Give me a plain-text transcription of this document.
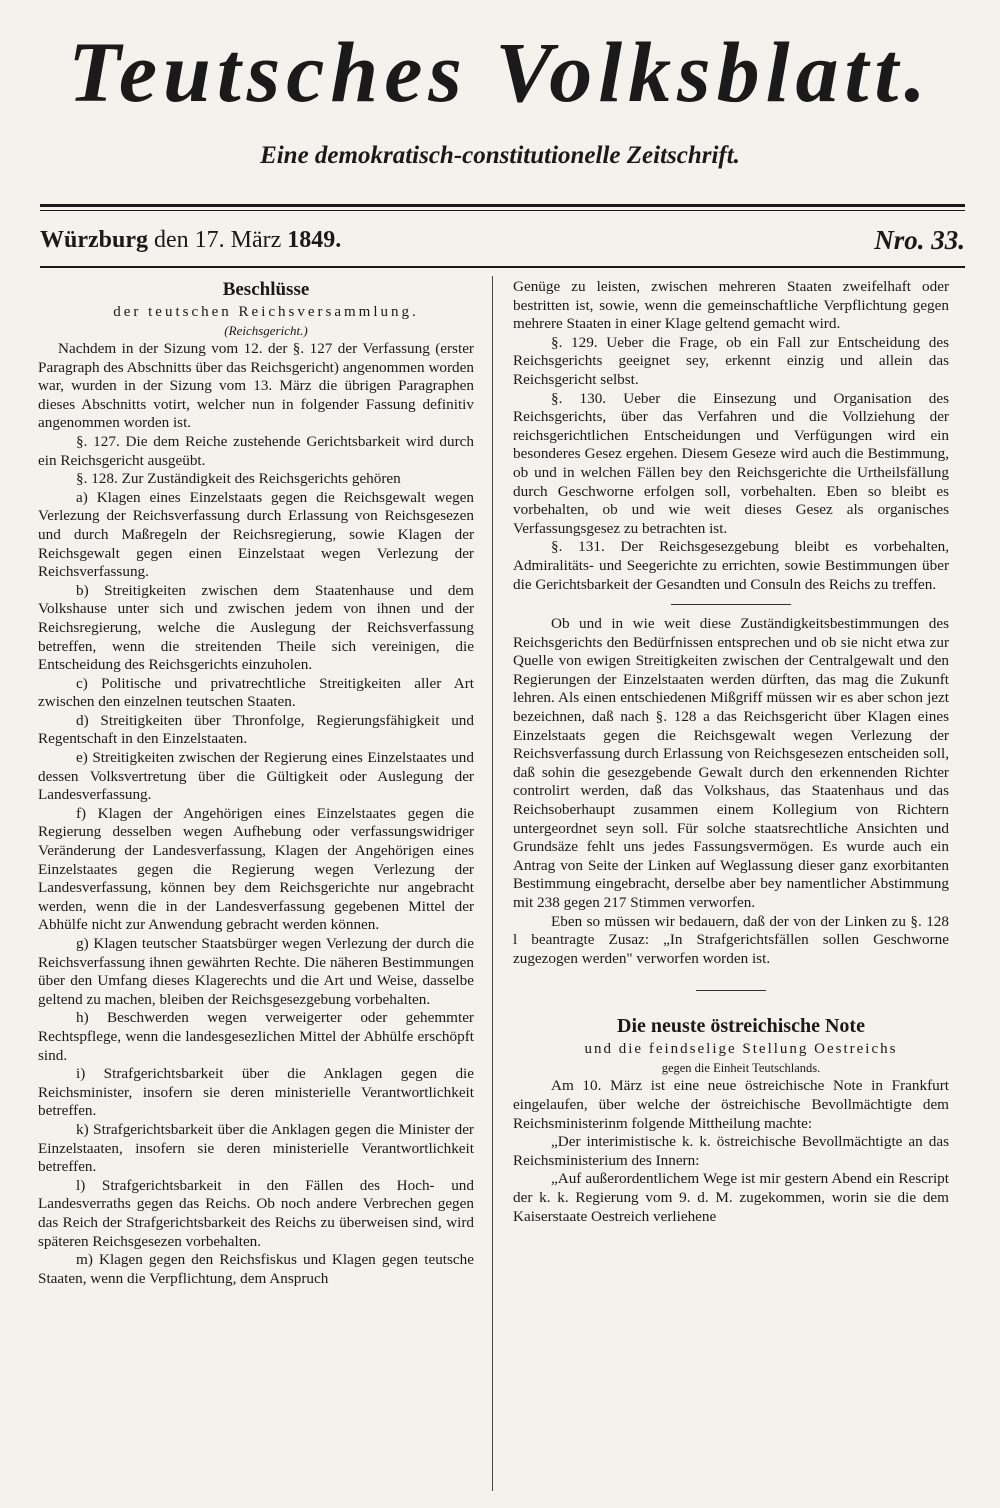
Teutsches Volksblatt.
Eine demokratisch-constitutionelle Zeitschrift.
Würzburg den 17. März 1849.	Nro. 33.

Beschlüsse

der teutschen Reichsversammlung.

(Reichsgericht.)

Nachdem in der Sizung vom 12. der §. 127 der Verfassung (erster Paragraph des Abschnitts über das Reichsgericht) angenommen worden war, wurden in der Sizung vom 13. März die übrigen Paragraphen dieses Abschnitts votirt, welcher nun in folgender Fassung definitiv angenommen worden ist.

§. 127. Die dem Reiche zustehende Gerichtsbarkeit wird durch ein Reichsgericht ausgeübt.

§. 128. Zur Zuständigkeit des Reichsgerichts gehören

a) Klagen eines Einzelstaats gegen die Reichsgewalt wegen Verlezung der Reichsverfassung durch Erlassung von Reichsgesezen und durch Maßregeln der Reichsregierung, sowie Klagen der Reichsgewalt gegen einen Einzelstaat wegen Verlezung der Reichsverfassung.

b) Streitigkeiten zwischen dem Staatenhause und dem Volkshause unter sich und zwischen jedem von ihnen und der Reichsregierung, welche die Auslegung der Reichsverfassung betreffen, wenn die streitenden Theile sich vereinigen, die Entscheidung des Reichsgerichts einzuholen.

c) Politische und privatrechtliche Streitigkeiten aller Art zwischen den einzelnen teutschen Staaten.

d) Streitigkeiten über Thronfolge, Regierungsfähigkeit und Regentschaft in den Einzelstaaten.

e) Streitigkeiten zwischen der Regierung eines Einzelstaates und dessen Volksvertretung über die Gültigkeit oder Auslegung der Landesverfassung.

f) Klagen der Angehörigen eines Einzelstaates gegen die Regierung desselben wegen Aufhebung oder verfassungswidriger Veränderung der Landesverfassung, Klagen der Angehörigen eines Einzelstaates gegen die Regierung wegen Verlezung der Landesverfassung, können bey dem Reichsgerichte nur angebracht werden, wenn die in der Landesverfassung gegebenen Mittel der Abhülfe nicht zur Anwendung gebracht werden können.

g) Klagen teutscher Staatsbürger wegen Verlezung der durch die Reichsverfassung ihnen gewährten Rechte. Die näheren Bestimmungen über den Umfang dieses Klagerechts und die Art und Weise, dasselbe geltend zu machen, bleiben der Reichsgesezgebung vorbehalten.

h) Beschwerden wegen verweigerter oder gehemmter Rechtspflege, wenn die landesgesezlichen Mittel der Abhülfe erschöpft sind.

i) Strafgerichtsbarkeit über die Anklagen gegen die Reichsminister, insofern sie deren ministerielle Verantwortlichkeit betreffen.

k) Strafgerichtsbarkeit über die Anklagen gegen die Minister der Einzelstaaten, insofern sie deren ministerielle Verantwortlichkeit betreffen.

l) Strafgerichtsbarkeit in den Fällen des Hoch- und Landesverraths gegen das Reichs. Ob noch andere Verbrechen gegen das Reich der Strafgerichtsbarkeit des Reichs zu überweisen sind, wird späteren Reichsgesezen vorbehalten.

m) Klagen gegen den Reichsfiskus und Klagen gegen teutsche Staaten, wenn die Verpflichtung, dem Anspruch

Genüge zu leisten, zwischen mehreren Staaten zweifelhaft oder bestritten ist, sowie, wenn die gemeinschaftliche Verpflichtung gegen mehrere Staaten in einer Klage geltend gemacht wird.

§. 129. Ueber die Frage, ob ein Fall zur Entscheidung des Reichsgerichts geeignet sey, erkennt einzig und allein das Reichsgericht selbst.

§. 130. Ueber die Einsezung und Organisation des Reichsgerichts, über das Verfahren und die Vollziehung der reichsgerichtlichen Entscheidungen und Verfügungen wird ein besonderes Gesez ergehen. Diesem Geseze wird auch die Bestimmung, ob und in welchen Fällen bey den Reichsgerichte die Urtheilsfällung durch Geschworne erfolgen soll, vorbehalten. Eben so bleibt es vorbehalten, ob und wie weit dieses Gesez als organisches Verfassungsgesez zu betrachten ist.

§. 131. Der Reichsgesezgebung bleibt es vorbehalten, Admiralitäts- und Seegerichte zu errichten, sowie Bestimmungen über die Gerichtsbarkeit der Gesandten und Consuln des Reichs zu treffen.

Ob und in wie weit diese Zuständigkeitsbestimmungen des Reichsgerichts den Bedürfnissen entsprechen und ob sie nicht etwa zur Quelle von ewigen Streitigkeiten zwischen der Centralgewalt und den Regierungen der Einzelstaaten werden dürften, das mag die Zukunft lehren. Als einen entschiedenen Mißgriff müssen wir es aber schon jezt bezeichnen, daß nach §. 128 a das Reichsgericht über Klagen eines Einzelstaats gegen die Reichsgewalt wegen Verlezung der Reichsverfassung durch Erlassung von Reichsgesezen entscheiden soll, daß sohin die gesezgebende Gewalt durch den erkennenden Richter controlirt werden, daß das Volkshaus, das Staatenhaus und das Reichsoberhaupt zusammen einem Kollegium von Richtern untergeordnet seyn soll. Für solche staatsrechtliche Ansichten und Grundsäze fehlt uns jedes Fassungsvermögen. Es wurde auch ein Antrag von Seite der Linken auf Weglassung dieser ganz exorbitanten Bestimmung eingebracht, derselbe aber bey namentlicher Abstimmung mit 238 gegen 217 Stimmen verworfen.

Eben so müssen wir bedauern, daß der von der Linken zu §. 128 l beantragte Zusaz: „In Strafgerichtsfällen sollen Geschworne zugezogen werden" verworfen worden ist.

Die neuste östreichische Note

und die feindselige Stellung Oestreichs

gegen die Einheit Teutschlands.

Am 10. März ist eine neue östreichische Note in Frankfurt eingelaufen, über welche der östreichische Bevollmächtigte dem Reichsministerinm folgende Mittheilung machte:

„Der interimistische k. k. östreichische Bevollmächtigte an das Reichsministerium des Innern:

„Auf außerordentlichem Wege ist mir gestern Abend ein Rescript der k. k. Regierung vom 9. d. M. zugekommen, worin sie die dem Kaiserstaate Oestreich verliehene
